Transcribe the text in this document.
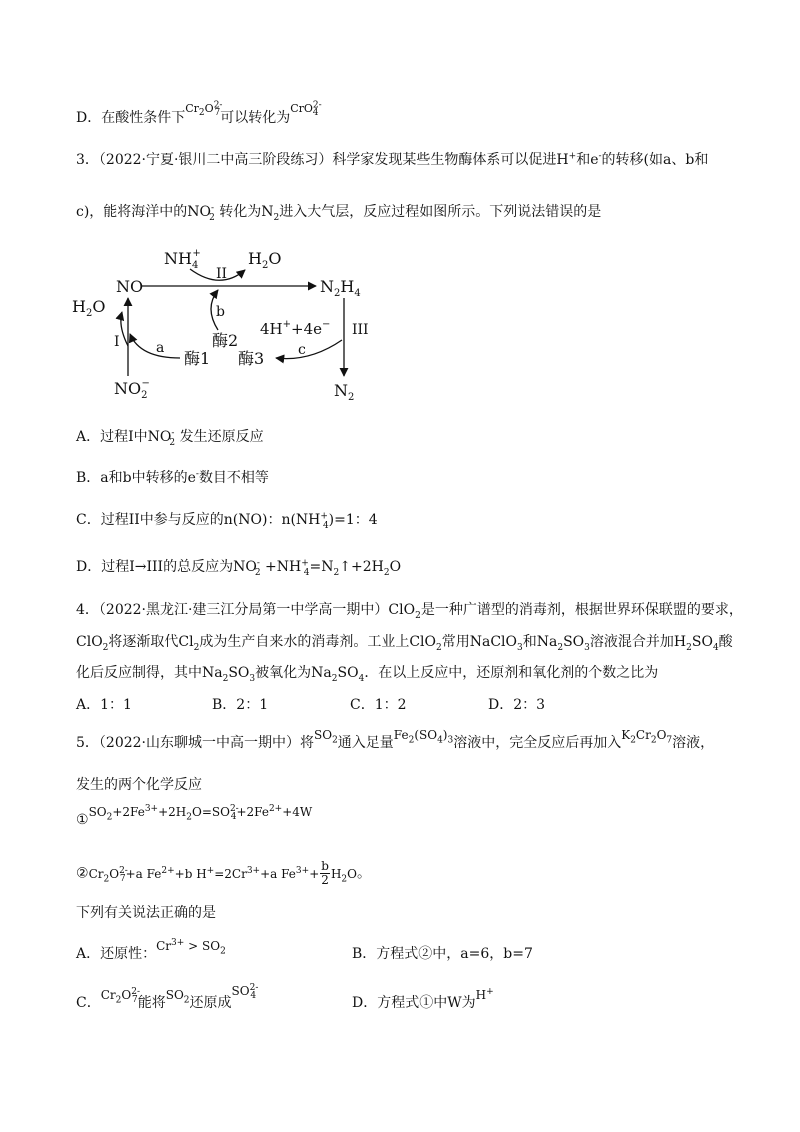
D．在酸性条件下$^{Cr_2O^{2-}_7}$可以转化为$^{CrO^{2-}_4}$
3．（2022·宁夏·银川二中高三阶段练习）科学家发现某些生物酶体系可以促进H+和e-的转移(如a、b和
c)，能将海洋中的$NO^-_2$ 转化为$N_2$进入大气层，反应过程如图所示。下列说法错误的是
$NH_4+$	$H_2O$
NO
II
$N_2H_4$
$H_2O$	b
酶2
4H++4e− III
I	a
酶1 酶3 c
$NO_2-$	$N_2$
A．过程I中$NO^-_2$ 发生还原反应
B．a和b中转移的e-数目不相等
C．过程II中参与反应的n(NO)：$n(NH^+_4)=1$：4
D．过程I→III的总反应为$NO^-_2$ $+NH^+_4=N_2↑+2H_2O$
4．（2022·黑龙江·建三江分局第一中学高一期中）ClO$_2$是一种广谱型的消毒剂，根据世界环保联盟的要求，
ClO$_2$将逐渐取代$Cl_2$成为生产自来水的消毒剂。工业上ClO$_2$常用NaClO$_3$和$Na_2SO_3$溶液混合并加$H_2SO_4$酸
化后反应制得，其中$Na_2SO_3$被氧化为$Na_2SO_4$．在以上反应中，还原剂和氧化剂的个数之比为
A．1：1	B．2：1	C．1：2	D．2：3
5．（2022·山东聊城一中高一期中）将$SO_2$通入足量$Fe_2(SO_4)_3$溶液中，完全反应后再加入$K_2Cr_2O_7$溶液，
发生的两个化学反应
$①SO_2+2Fe^{3+}+2H_2O=SO^{2-}_4+2Fe^{2+}+4W$
$②Cr_2O^{2-}_7+a$ $Fe^{2+}+b$ $H^+=2Cr^{3+}+a$ $Fe^{3+}+ \frac{b}{2} H_2O$。
下列有关说法正确的是
A．还原性：$Cr^{3+} > SO_2$	B．方程式②中，a=6，b=7
C．$Cr_2O^{2-}_7$能将$SO_2$还原成$SO^{2-}_4$	D．方程式①中W为H+
